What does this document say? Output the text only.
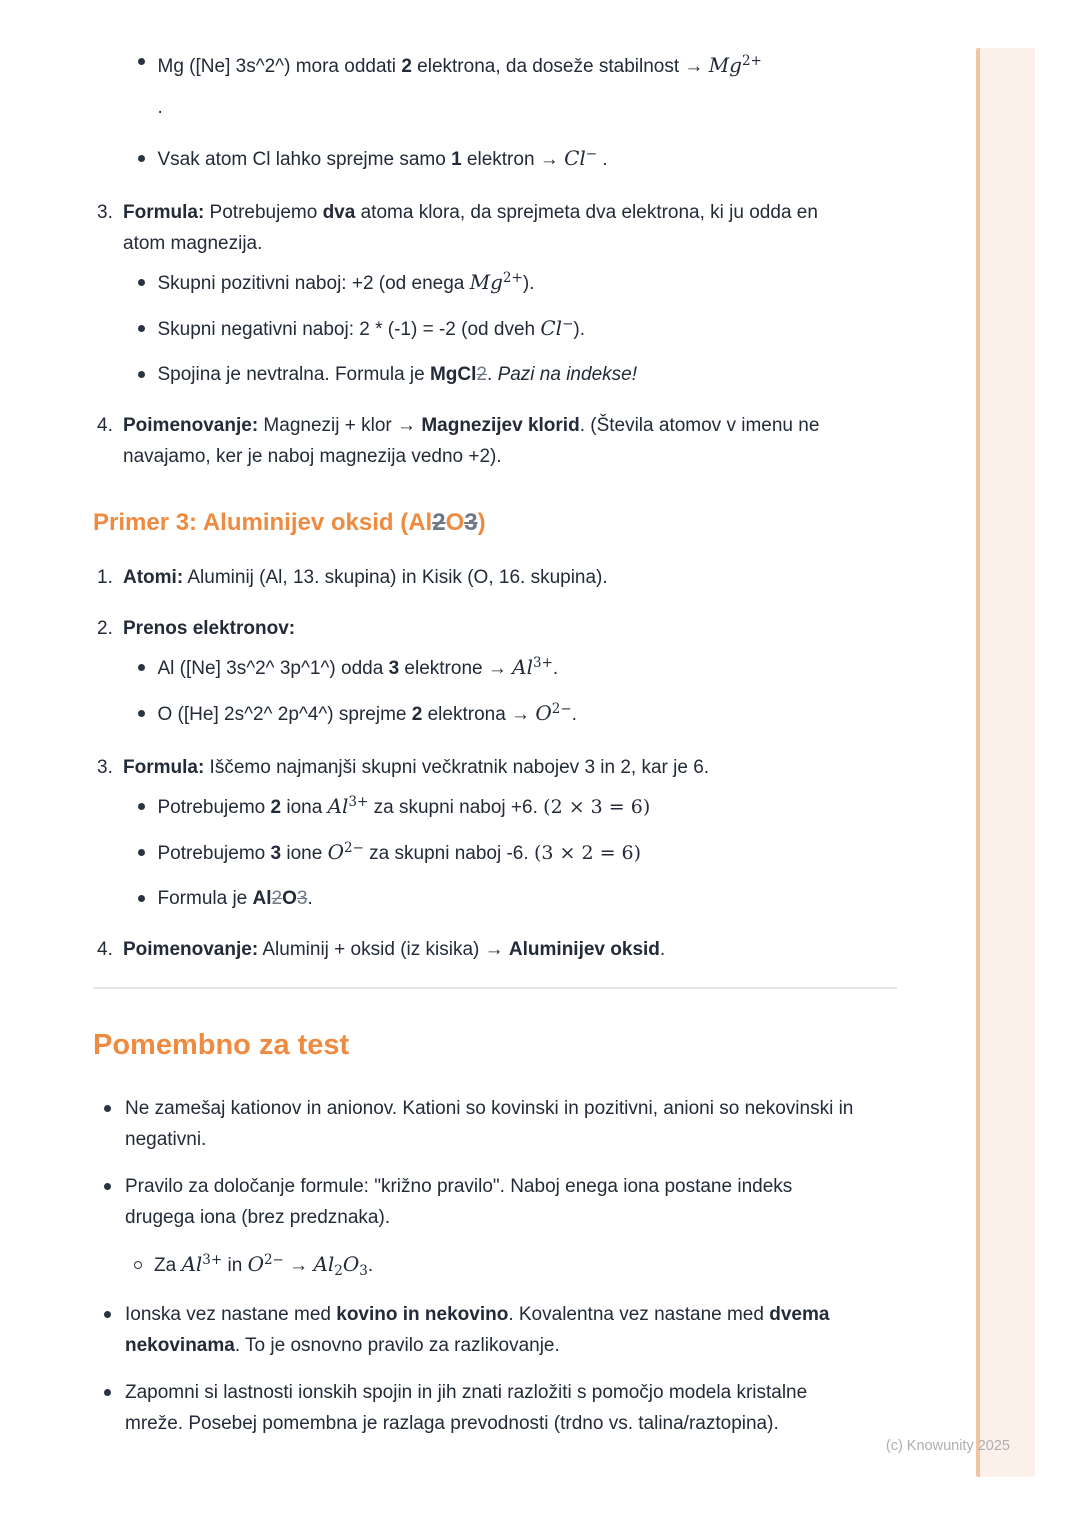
Mg ([Ne] 3s^2^) mora oddati 2 elektrona, da doseže stabilnost → $Mg^{2+}$
.
Vsak atom Cl lahko sprejme samo 1 elektron → Cl− .
3. Formula: Potrebujemo dva atoma klora, da sprejmeta dva elektrona, ki ju odda en atom magnezija.
Skupni pozitivni naboj: +2 (od enega $Mg^{2+}$).
Skupni negativni naboj: 2 * (-1) = -2 (od dveh Cl−).
Spojina je nevtralna. Formula je MgCl2. Pazi na indekse!
4. Poimenovanje: Magnezij + klor → Magnezijev klorid. (Števila atomov v imenu ne navajamo, ker je naboj magnezija vedno +2).
Primer 3: Aluminijev oksid (Al2O3)
1. Atomi: Aluminij (Al, 13. skupina) in Kisik (O, 16. skupina).
2. Prenos elektronov:
Al ([Ne] 3s^2^ 3p^1^) odda 3 elektrone → $Al^{3+}$.
O ([He] 2s^2^ 2p^4^) sprejme 2 elektrona → $O^{2-}$.
3. Formula: Iščemo najmanjši skupni večkratnik nabojev 3 in 2, kar je 6.
Potrebujemo 2 iona $Al^{3+}$ za skupni naboj +6. (2 × 3 = 6)
Potrebujemo 3 ione $O^{2-}$ za skupni naboj -6. (3 × 2 = 6)
Formula je Al2O3.
4. Poimenovanje: Aluminij + oksid (iz kisika) → Aluminijev oksid.
Pomembno za test
Ne zamešaj kationov in anionov. Kationi so kovinski in pozitivni, anioni so nekovinski in negativni.
Pravilo za določanje formule: "križno pravilo". Naboj enega iona postane indeks drugega iona (brez predznaka).
Za $Al^{3+}$ in $O^{2-} \to Al_2O_3$.
Ionska vez nastane med kovino in nekovino. Kovalentna vez nastane med dvema nekovinama. To je osnovno pravilo za razlikovanje.
Zapomni si lastnosti ionskih spojin in jih znati razložiti s pomočjo modela kristalne mreže. Posebej pomembna je razlaga prevodnosti (trdno vs. talina/raztopina).
(c) Knowunity 2025
